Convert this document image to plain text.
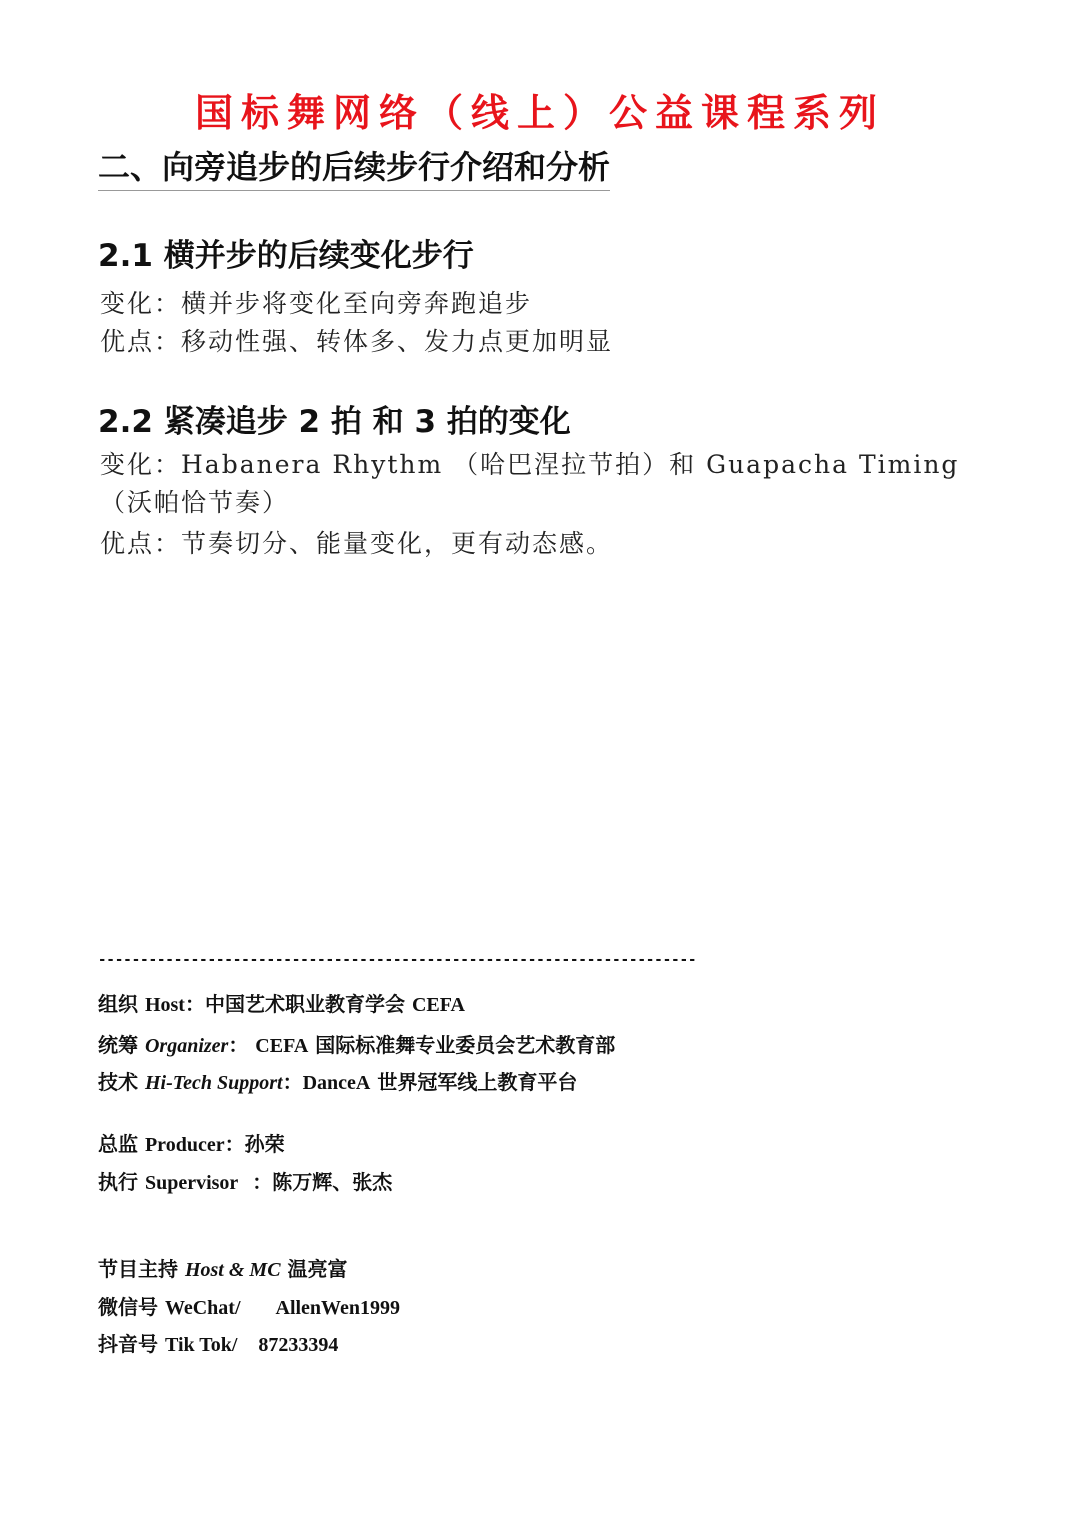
国标舞网络（线上）公益课程系列
二、向旁追步的后续步行介绍和分析
2.1 横并步的后续变化步行
变化：横并步将变化至向旁奔跑追步
优点：移动性强、转体多、发力点更加明显
2.2 紧凑追步 2 拍 和 3 拍的变化
变化：Habanera Rhythm （哈巴涅拉节拍）和 Guapacha Timing（沃帕恰节奏）
优点：节奏切分、能量变化，更有动态感。
-----------------------------------------------------------------------
组织 Host：中国艺术职业教育学会 CEFA
统筹 Organizer： CEFA 国际标准舞专业委员会艺术教育部
技术 Hi-Tech Support：DanceA 世界冠军线上教育平台
总监 Producer：孙荣
执行 Supervisor  ：陈万辉、张杰
节目主持 Host & MC 温亮富
微信号 WeChat/ AllenWen1999
抖音号 Tik Tok/ 87233394
